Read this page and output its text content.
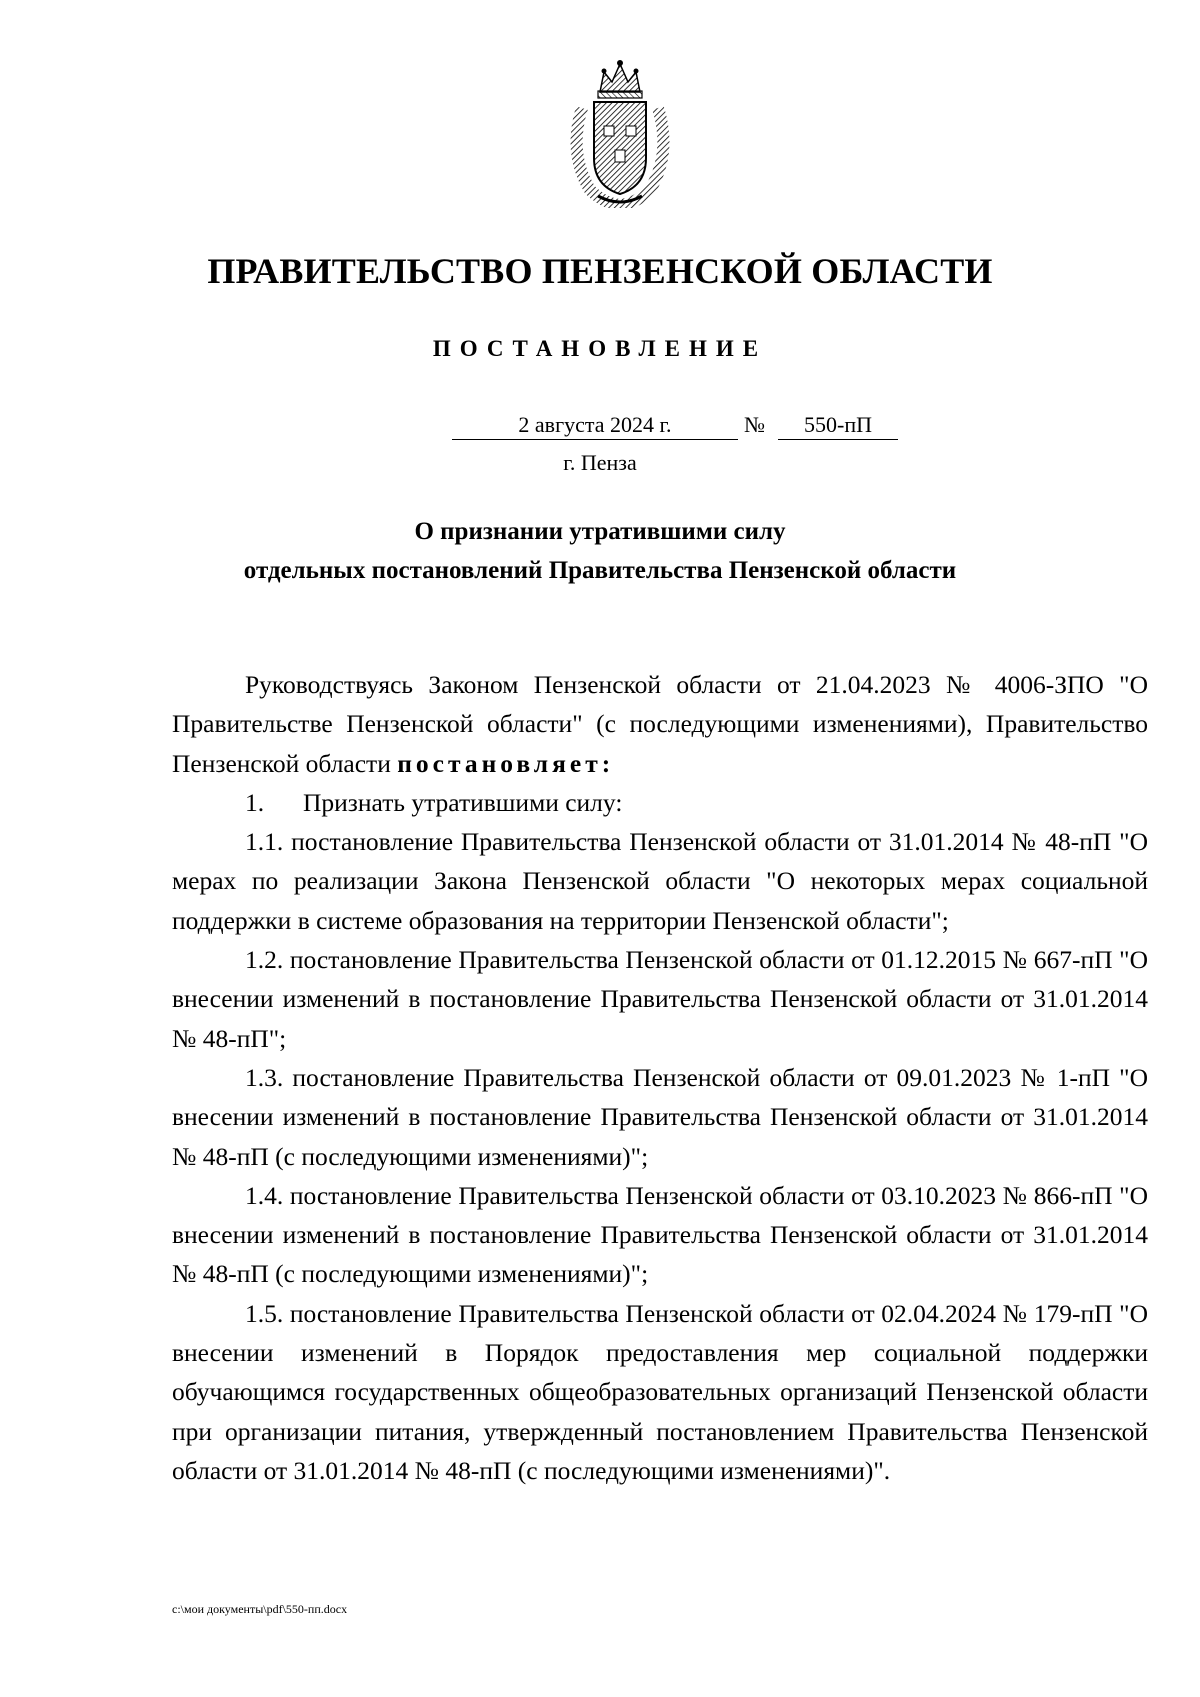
ПРАВИТЕЛЬСТВО ПЕНЗЕНСКОЙ ОБЛАСТИ
ПОСТАНОВЛЕНИЕ
2 августа 2024 г.	№	550-пП
г. Пенза
О признании утратившими силу
отдельных постановлений Правительства Пензенской области

Руководствуясь Законом Пензенской области от 21.04.2023 № 4006-ЗПО "О Правительстве Пензенской области" (с последующими изменениями), Правительство Пензенской области постановляет:

1. Признать утратившими силу:

1.1. постановление Правительства Пензенской области от 31.01.2014 № 48-пП "О мерах по реализации Закона Пензенской области "О некоторых мерах социальной поддержки в системе образования на территории Пензенской области";

1.2. постановление Правительства Пензенской области от 01.12.2015 № 667-пП "О внесении изменений в постановление Правительства Пензенской области от 31.01.2014 № 48-пП";

1.3. постановление Правительства Пензенской области от 09.01.2023 № 1-пП "О внесении изменений в постановление Правительства Пензенской области от 31.01.2014 № 48-пП (с последующими изменениями)";

1.4. постановление Правительства Пензенской области от 03.10.2023 № 866-пП "О внесении изменений в постановление Правительства Пензенской области от 31.01.2014 № 48-пП (с последующими изменениями)";

1.5. постановление Правительства Пензенской области от 02.04.2024 № 179-пП "О внесении изменений в Порядок предоставления мер социальной поддержки обучающимся государственных общеобразовательных организаций Пензенской области при организации питания, утвержденный постановлением Правительства Пензенской области от 31.01.2014 № 48-пП (с последующими изменениями)".

c:\мои документы\pdf\550-пп.docx
